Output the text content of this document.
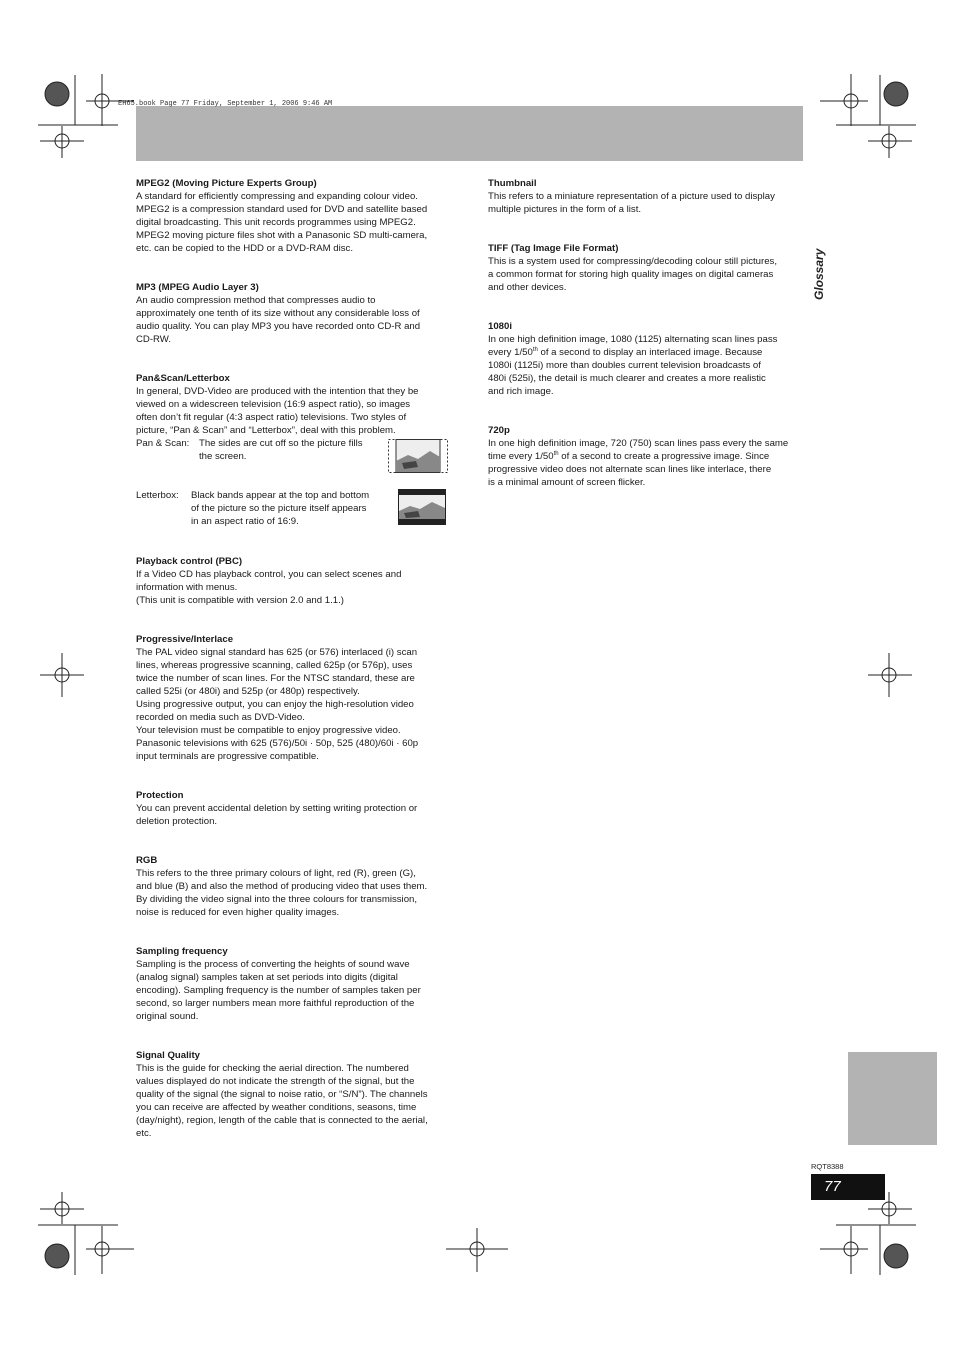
EH65.book Page 77 Friday, September 1, 2006 9:46 AM
MPEG2 (Moving Picture Experts Group)
A standard for efficiently compressing and expanding colour video.
MPEG2 is a compression standard used for DVD and satellite based
digital broadcasting. This unit records programmes using MPEG2.
MPEG2 moving picture files shot with a Panasonic SD multi-camera,
etc. can be copied to the HDD or a DVD-RAM disc.
MP3 (MPEG Audio Layer 3)
An audio compression method that compresses audio to
approximately one tenth of its size without any considerable loss of
audio quality. You can play MP3 you have recorded onto CD-R and
CD-RW.
Pan&Scan/Letterbox
In general, DVD-Video are produced with the intention that they be
viewed on a widescreen television (16:9 aspect ratio), so images
often don’t fit regular (4:3 aspect ratio) televisions. Two styles of
picture, “Pan & Scan” and “Letterbox”, deal with this problem.
Pan & Scan:	The sides are cut off so the picture fills
the screen.
Letterbox:	Black bands appear at the top and bottom
of the picture so the picture itself appears
in an aspect ratio of 16:9.
Playback control (PBC)
If a Video CD has playback control, you can select scenes and
information with menus.
(This unit is compatible with version 2.0 and 1.1.)
Progressive/Interlace
The PAL video signal standard has 625 (or 576) interlaced (i) scan
lines, whereas progressive scanning, called 625p (or 576p), uses
twice the number of scan lines. For the NTSC standard, these are
called 525i (or 480i) and 525p (or 480p) respectively.
Using progressive output, you can enjoy the high-resolution video
recorded on media such as DVD-Video.
Your television must be compatible to enjoy progressive video.
Panasonic televisions with 625 (576)/50i · 50p, 525 (480)/60i · 60p
input terminals are progressive compatible.
Protection
You can prevent accidental deletion by setting writing protection or
deletion protection.
RGB
This refers to the three primary colours of light, red (R), green (G),
and blue (B) and also the method of producing video that uses them.
By dividing the video signal into the three colours for transmission,
noise is reduced for even higher quality images.
Sampling frequency
Sampling is the process of converting the heights of sound wave
(analog signal) samples taken at set periods into digits (digital
encoding). Sampling frequency is the number of samples taken per
second, so larger numbers mean more faithful reproduction of the
original sound.
Signal Quality
This is the guide for checking the aerial direction. The numbered
values displayed do not indicate the strength of the signal, but the
quality of the signal (the signal to noise ratio, or “S/N”). The channels
you can receive are affected by weather conditions, seasons, time
(day/night), region, length of the cable that is connected to the aerial,
etc.
Thumbnail
This refers to a miniature representation of a picture used to display
multiple pictures in the form of a list.
TIFF (Tag Image File Format)
This is a system used for compressing/decoding colour still pictures,
a common format for storing high quality images on digital cameras
and other devices.
1080i
In one high definition image, 1080 (1125) alternating scan lines pass
every 1/50th of a second to display an interlaced image. Because
1080i (1125i) more than doubles current television broadcasts of
480i (525i), the detail is much clearer and creates a more realistic
and rich image.
720p
In one high definition image, 720 (750) scan lines pass every the same
time every 1/50th of a second to create a progressive image. Since
progressive video does not alternate scan lines like interlace, there
is a minimal amount of screen flicker.
Glossary
RQT8388
77
